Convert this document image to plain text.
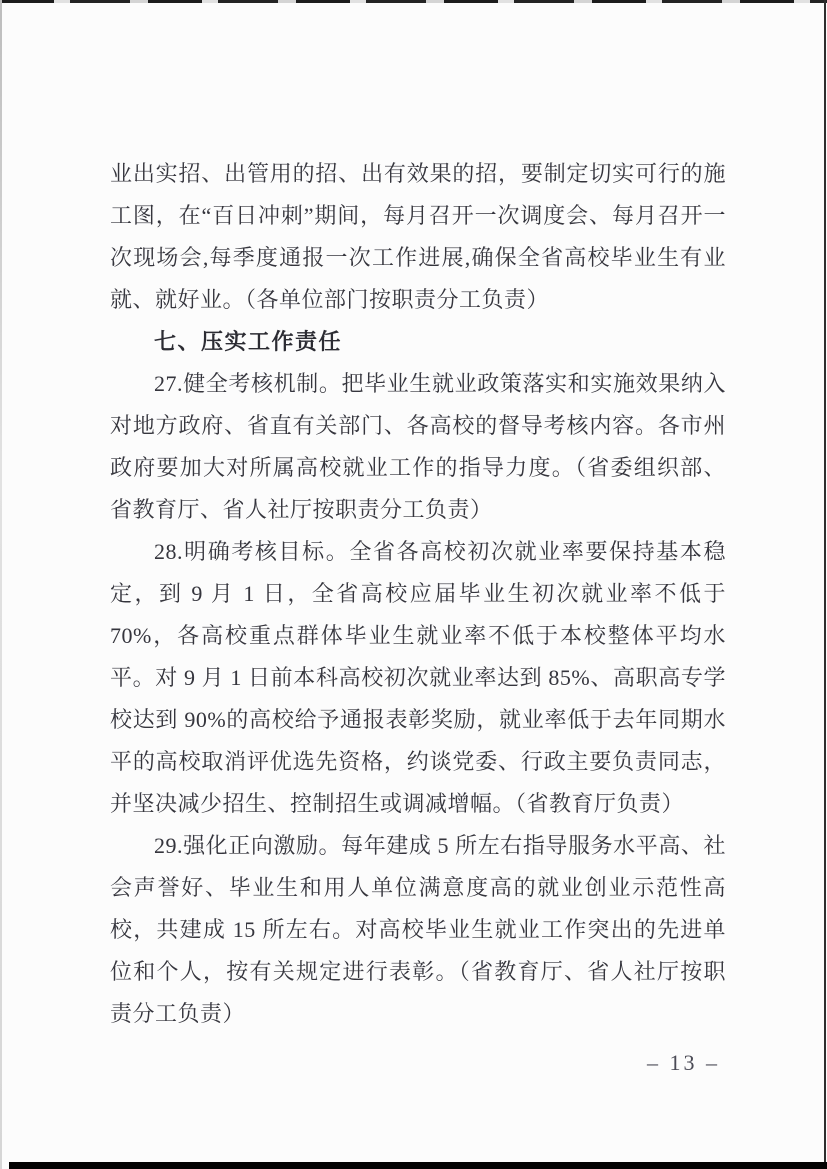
业出实招、出管用的招、出有效果的招，要制定切实可行的施工图，在“百日冲刺”期间，每月召开一次调度会、每月召开一次现场会,每季度通报一次工作进展,确保全省高校毕业生有业就、就好业。（各单位部门按职责分工负责）

七、压实工作责任

27.健全考核机制。把毕业生就业政策落实和实施效果纳入对地方政府、省直有关部门、各高校的督导考核内容。各市州政府要加大对所属高校就业工作的指导力度。（省委组织部、省教育厅、省人社厅按职责分工负责）

28.明确考核目标。全省各高校初次就业率要保持基本稳定，到 9 月 1 日，全省高校应届毕业生初次就业率不低于 70%，各高校重点群体毕业生就业率不低于本校整体平均水平。对 9 月 1 日前本科高校初次就业率达到 85%、高职高专学校达到 90%的高校给予通报表彰奖励，就业率低于去年同期水平的高校取消评优选先资格，约谈党委、行政主要负责同志，并坚决减少招生、控制招生或调减增幅。（省教育厅负责）

29.强化正向激励。每年建成 5 所左右指导服务水平高、社会声誉好、毕业生和用人单位满意度高的就业创业示范性高校，共建成 15 所左右。对高校毕业生就业工作突出的先进单位和个人，按有关规定进行表彰。（省教育厅、省人社厅按职责分工负责）

– 13 –
